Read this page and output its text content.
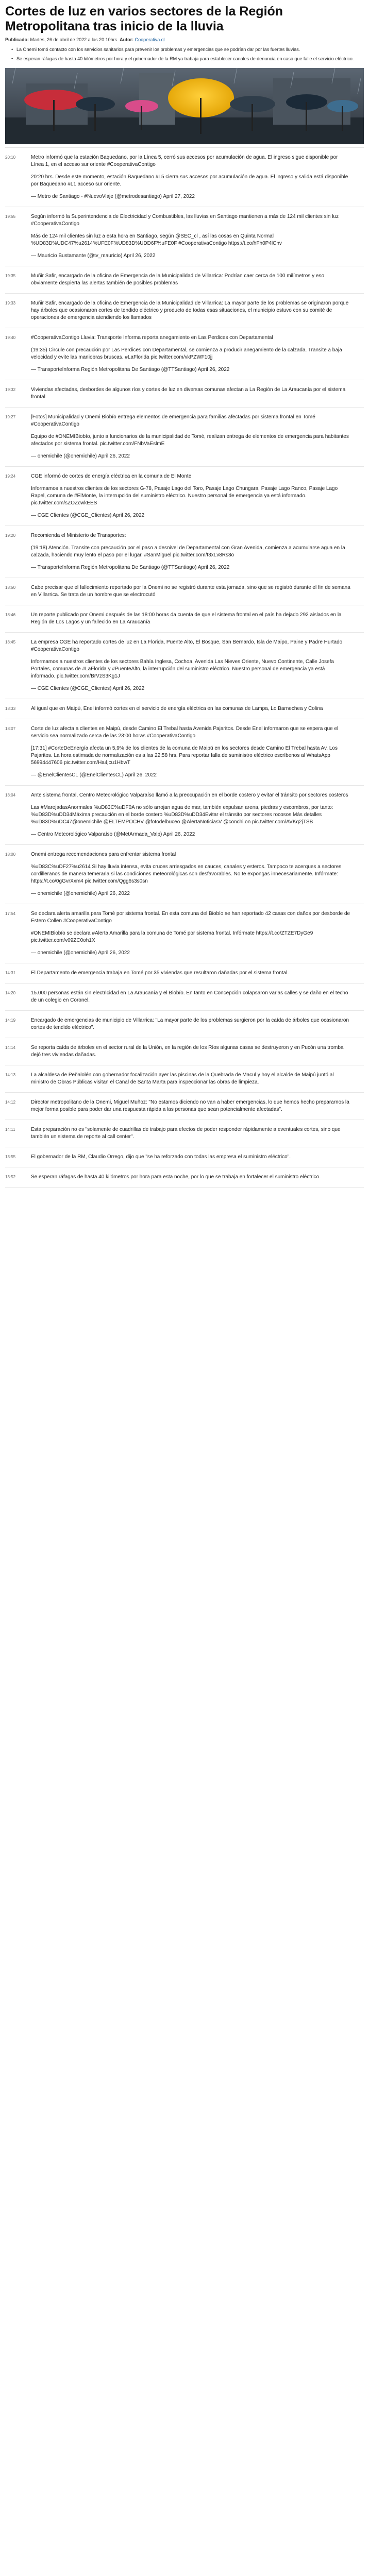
Cortes de luz en varios sectores de la Región Metropolitana tras inicio de la lluvia
Publicado: Martes, 26 de abril de 2022 a las 20:10hrs. Autor: Cooperativa.cl
• La Onemi tomó contacto con los servicios sanitarios para prevenir los problemas y emergencias que se podrían dar por las fuertes lluvias.
• Se esperan ráfagas de hasta 40 kilómetros por hora y el gobernador de la RM ya trabaja para establecer canales de denuncia en caso que falle el servicio eléctrico.
20:10	Metro informó que la estación Baquedano, por la Línea 5, cerró sus accesos por acumulación de agua. El ingreso sigue disponible por Línea 1, en el acceso sur oriente #CooperativaContigo

20:20 hrs. Desde este momento, estación Baquedano #L5 cierra sus accesos por acumulación de agua. El ingreso y salida está disponible por Baquedano #L1 acceso sur oriente.

— Metro de Santiago - #NuevoViaje (@metrodesantiago) April 27, 2022

19:55	Según informó la Superintendencia de Electricidad y Combustibles, las lluvias en Santiago mantienen a más de 124 mil clientes sin luz #CooperativaContigo

Más de 124 mil clientes sin luz a esta hora en Santiago, según @SEC_cl , así las cosas en Quinta Normal %UD83D%UDC47%u2614%UFE0F%UD83D%UDD6F%uFE0F #CooperativaContigo https://t.co/hFh0P4lCnv

— Mauricio Bustamante (@tv_mauricio) April 26, 2022

19:35	Muñir Safir, encargado de la oficina de Emergencia de la Municipalidad de Villarrica: Podrían caer cerca de 100 milímetros y eso obviamente despierta las alertas también de posibles problemas

19:33	Muñir Safir, encargado de la oficina de Emergencia de la Municipalidad de Villarrica: La mayor parte de los problemas se originaron porque hay árboles que ocasionaron cortes de tendido eléctrico y producto de todas esas situaciones, el municipio estuvo con su comité de operaciones de emergencia atendiendo los llamados

19:40	#CooperativaContigo Lluvia: Transporte Informa reporta anegamiento en Las Perdices con Departamental

(19:35) Circule con precaución por Las Perdices con Departamental, se comienza a producir anegamiento de la calzada. Transite a baja velocidad y evite las maniobras bruscas. #LaFlorida pic.twitter.com/vkPZWF10jj

— TransporteInforma Región Metropolitana De Santiago (@TTSantiago) April 26, 2022

19:32	Viviendas afectadas, desbordes de algunos ríos y cortes de luz en diversas comunas afectan a La Región de La Araucanía por el sistema frontal

19:27	[Fotos] Municipalidad y Onemi Biobío entrega elementos de emergencia para familias afectadas por sistema frontal en Tomé #CooperativaContigo

Equipo de #ONEMIBiobío, junto a funcionarios de la municipalidad de Tomé, realizan entrega de elementos de emergencia para habitantes afectados por sistema frontal. pic.twitter.com/FNbVaEslmE

— onemichile (@onemichile) April 26, 2022

19:24	CGE informó de cortes de energía eléctrica en la comuna de El Monte

Informamos a nuestros clientes de los sectores G-78, Pasaje Lago del Toro, Pasaje Lago Chungara, Pasaje Lago Ranco, Pasaje Lago Rapel, comuna de #ElMonte, la interrupción del suministro eléctrico. Nuestro personal de emergencia ya está informado. pic.twitter.com/sZOZcwkEES

— CGE Clientes (@CGE_Clientes) April 26, 2022

19:20	Recomienda el Ministerio de Transportes:

(19:18) Atención. Transite con precaución por el paso a desnivel de Departamental con Gran Avenida, comienza a acumularse agua en la calzada, haciendo muy lento el paso por el lugar. #SanMiguel pic.twitter.com/t3xLv8Rs8o

— TransporteInforma Región Metropolitana De Santiago (@TTSantiago) April 26, 2022

18:50	Cabe precisar que el fallecimiento reportado por la Onemi no se registró durante esta jornada, sino que se registró durante el fin de semana en Villarrica. Se trata de un hombre que se electrocutó

18:46	Un reporte publicado por Onemi después de las 18:00 horas da cuenta de que el sistema frontal en el país ha dejado 292 aislados en la Región de Los Lagos y un fallecido en La Araucanía

18:45	La empresa CGE ha reportado cortes de luz en La Florida, Puente Alto, El Bosque, San Bernardo, Isla de Maipo, Paine y Padre Hurtado #CooperativaContigo

Informamos a nuestros clientes de los sectores Bahía Inglesa, Cochoa, Avenida Las Nieves Oriente, Nuevo Continente, Calle Josefa Portales, comunas de #LaFlorida y #PuenteAlto, la interrupción del suministro eléctrico. Nuestro personal de emergencia ya está informado. pic.twitter.com/BrVzS3Kg1J

— CGE Clientes (@CGE_Clientes) April 26, 2022

18:33	Al igual que en Maipú, Enel informó cortes en el servicio de energía eléctrica en las comunas de Lampa, Lo Barnechea y Colina

18:07	Corte de luz afecta a clientes en Maipú, desde Camino El Trebal hasta Avenida Pajaritos. Desde Enel informaron que se espera que el servicio sea normalizado cerca de las 23:00 horas #CooperativaContigo

[17:31] #CorteDeEnergía afecta un 5,9% de los clientes de la comuna de Maipú en los sectores desde Camino El Trebal hasta Av. Los Pajaritos. La hora estimada de normalización es a las 22:58 hrs. Para reportar falla de suministro eléctrico escríbenos al WhatsApp 56994447606 pic.twitter.com/Ha4jcu1HbwT

— @EnelClientesCL (@EnelClientesCL) April 26, 2022

18:04	Ante sistema frontal, Centro Meteorológico Valparaíso llamó a la preocupación en el borde costero y evitar el tránsito por sectores costeros

Las #MarejadasAnormales %uD83C%uDF0A no sólo arrojan agua de mar, también expulsan arena, piedras y escombros, por tanto: %uD83D%uDD34Máxima precaución en el borde costero %uD83D%uDD34Evitar el tránsito por sectores rocosos Más detalles %uD83D%uDC47@onemichile @ELTEMPOCHV @fotodelbuceo @AlertaNoticiasV @conchi.on pic.twitter.com/AVKq2jTSB

— Centro Meteorológico Valparaíso (@MetArmada_Valp) April 26, 2022

18:00	Onemi entrega recomendaciones para enfrentar sistema frontal

%uD83C%uDF27%u2614 Si hay lluvia intensa, evita cruces arriesgados en cauces, canales y esteros. Tampoco te acerques a sectores cordilleranos de manera temeraria si las condiciones meteorológicas son desfavorables. No te expongas innecesariamente. Infórmate: https://t.co/0gGvrXxm4 pic.twitter.com/Qgg6s3s0sn

— onemichile (@onemichile) April 26, 2022

17:54	Se declara alerta amarilla para Tomé por sistema frontal. En esta comuna del Biobío se han reportado 42 casas con daños por desborde de Estero Collen #CooperativaContigo

#ONEMIBiobío se declara #Alerta Amarilla para la comuna de Tomé por sistema frontal. Infórmate https://t.co/ZTZE7DyGe9 pic.twitter.com/v09ZC0oh1X

— onemichile (@onemichile) April 26, 2022

14:31	El Departamento de emergencia trabaja en Tomé por 35 viviendas que resultaron dañadas por el sistema frontal.

14:20	15.000 personas están sin electricidad en La Araucanía y el Biobío. En tanto en Concepción colapsaron varias calles y se daño en el techo de un colegio en Coronel.

14:19	Encargado de emergencias de municipio de Villarrica: "La mayor parte de los problemas surgieron por la caída de árboles que ocasionaron cortes de tendido eléctrico".

14:14	Se reporta caída de árboles en el sector rural de la Unión, en la región de los Ríos algunas casas se destruyeron y en Pucón una tromba dejó tres viviendas dañadas.

14:13	La alcaldesa de Peñalolén con gobernador focalización ayer las piscinas de la Quebrada de Macul y hoy el alcalde de Maipú juntó al ministro de Obras Públicas visitan el Canal de Santa Marta para inspeccionar las obras de limpieza.

14:12	Director metropolitano de la Onemi, Miguel Muñoz: "No estamos diciendo no van a haber emergencias, lo que hemos hecho prepararnos la mejor forma posible para poder dar una respuesta rápida a las personas que sean potencialmente afectadas".

14:11	Esta preparación no es "solamente de cuadrillas de trabajo para efectos de poder responder rápidamente a eventuales cortes, sino que también un sistema de reporte al call center".

13:55	El gobernador de la RM, Claudio Orrego, dijo que "se ha reforzado con todas las empresa el suministro eléctrico".

13:52	Se esperan ráfagas de hasta 40 kilómetros por hora para esta noche, por lo que se trabaja en fortalecer el suministro eléctrico.
